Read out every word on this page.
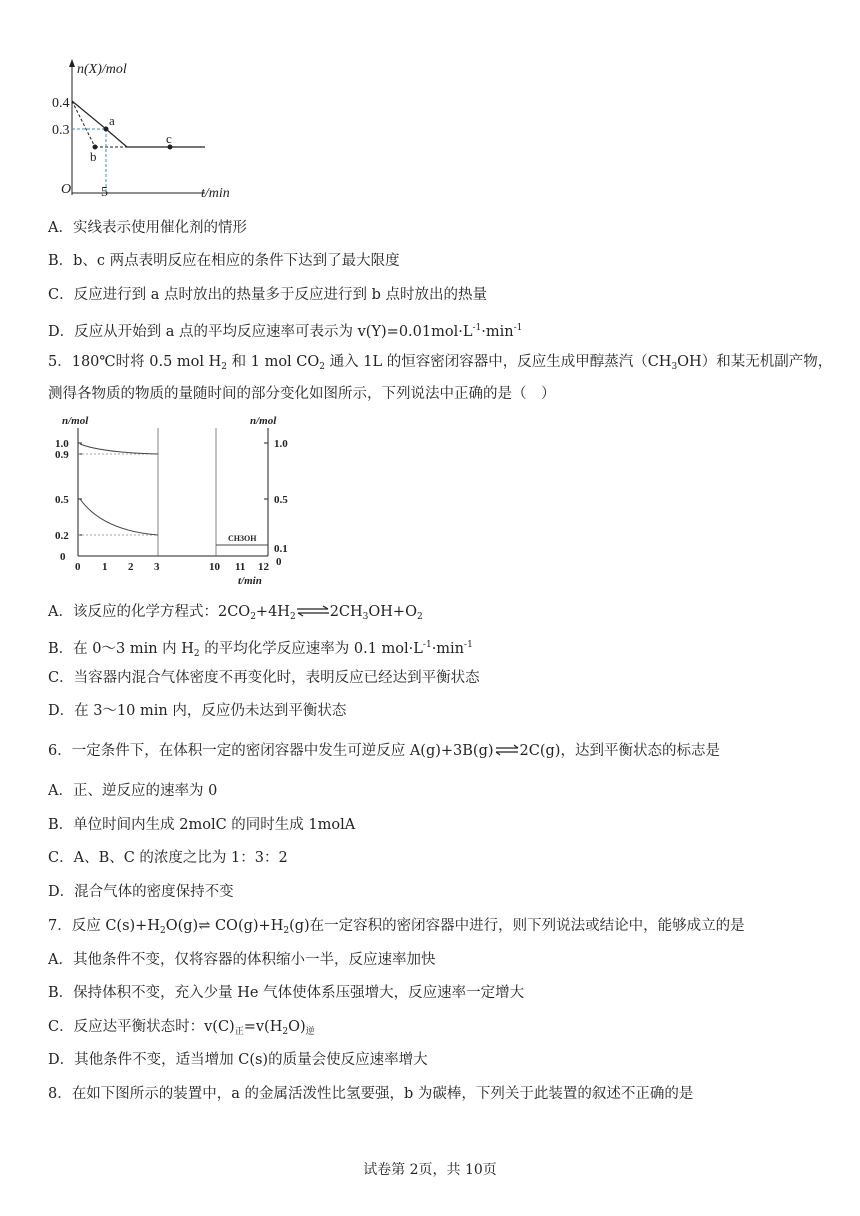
n(X)/mol
O	t/min
0.4
0.3
5
a
b
c
A．实线表示使用催化剂的情形
B．b、c 两点表明反应在相应的条件下达到了最大限度
C．反应进行到 a 点时放出的热量多于反应进行到 b 点时放出的热量
D．反应从开始到 a 点的平均反应速率可表示为 $v(Y)=0.01mol\cdot L^{-1}\cdot\min^{-1}$
5．180℃时将 0.5 mol $H_2$ 和 1 mol $CO_2$ 通入 1L 的恒容密闭容器中，反应生成甲醇蒸汽$(CH_3OH)$和某无机副产物，
测得各物质的物质的量随时间的部分变化如图所示，下列说法中正确的是（　）
n/mol	n/mol
1.0
0.9
0.5
0.2
0
1.0
0.5
0.1
0
0 1 2 3	10 11 12
t/min
CH3OH
A．该反应的化学方程式：$2CO_2+4H_2\rightleftharpoons 2CH_3OH+O_2$
B．在 0～3 min 内 $H_2$ 的平均化学反应速率为 0.1 $mol\cdot L^{-1}\cdot\min^{-1}$
C．当容器内混合气体密度不再变化时，表明反应已经达到平衡状态
D．在 3～10 min 内，反应仍未达到平衡状态
6．一定条件下，在体积一定的密闭容器中发生可逆反应 A(g)+3B(g)⇌2C(g)，达到平衡状态的标志是
A．正、逆反应的速率为 0
B．单位时间内生成 2molC 的同时生成 1molA
C．A、B、C 的浓度之比为 1：3：2
D．混合气体的密度保持不变
7．反应 $C(s)+H_2O(g)\rightleftharpoons$ $CO(g)+H_2(g)$在一定容积的密闭容器中进行，则下列说法或结论中，能够成立的是
A．其他条件不变，仅将容器的体积缩小一半，反应速率加快
B．保持体积不变，充入少量 He 气体使体系压强增大，反应速率一定增大
C．反应达平衡状态时：$v(C)_正=v(H_2O)_逆$
D．其他条件不变，适当增加 C(s)的质量会使反应速率增大
8．在如下图所示的装置中，a 的金属活泼性比氢要强，b 为碳棒，下列关于此装置的叙述不正确的是
试卷第 2页，共 10页
